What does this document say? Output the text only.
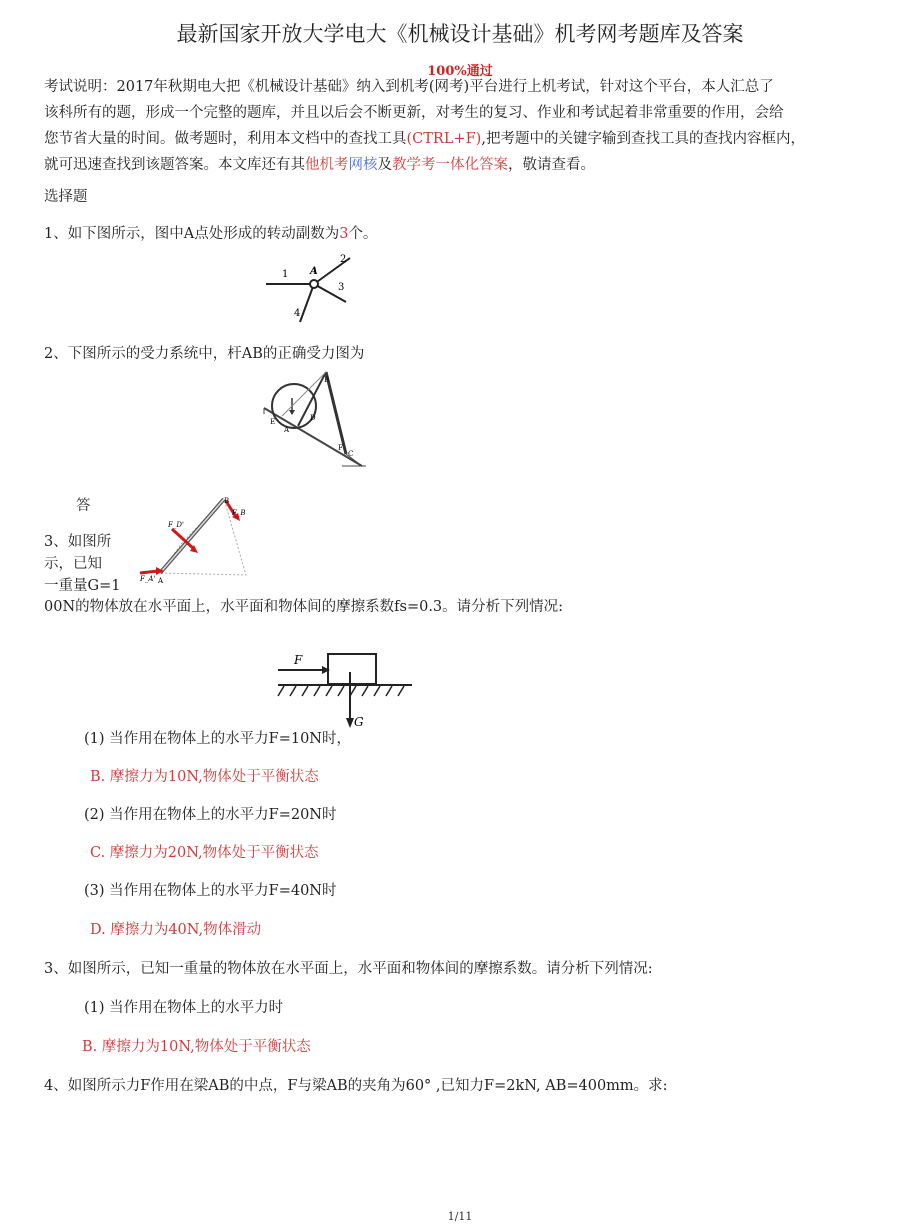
最新国家开放大学电大《机械设计基础》机考网考题库及答案
100%通过
考试说明：2017年秋期电大把《机械设计基础》纳入到机考(网考)平台进行上机考试，针对这个平台，本人汇总了
该科所有的题，形成一个完整的题库，并且以后会不断更新，对考生的复习、作业和考试起着非常重要的作用，会给
您节省大量的时间。做考题时，利用本文档中的查找工具(CTRL+F),把考题中的关键字输到查找工具的查找内容框内，
就可迅速查找到该题答案。本文库还有其他机考网核及教学考一体化答案，敬请查看。
选择题
1、如下图所示，图中A点处形成的转动副数为3个。
1 A
2
3
4
2、下图所示的受力系统中，杆AB的正确受力图为
B
D
C
A
E
F
答
3、如图所
示，已知
一重量G=1
B
F_D'
F_B
F_A' A
00N的物体放在水平面上，水平面和物体间的摩擦系数fs=0.3。请分析下列情况:
F
G
(1) 当作用在物体上的水平力F=10N时，
B. 摩擦力为10N,物体处于平衡状态
(2) 当作用在物体上的水平力F=20N时
C. 摩擦力为20N,物体处于平衡状态
(3) 当作用在物体上的水平力F=40N时
D. 摩擦力为40N,物体滑动
3、如图所示，已知一重量的物体放在水平面上，水平面和物体间的摩擦系数。请分析下列情况:
(1) 当作用在物体上的水平力时
B. 摩擦力为10N,物体处于平衡状态
4、如图所示力F作用在梁AB的中点，F与梁AB的夹角为60° ,已知力F=2kN, AB=400mm。求:
1/11
